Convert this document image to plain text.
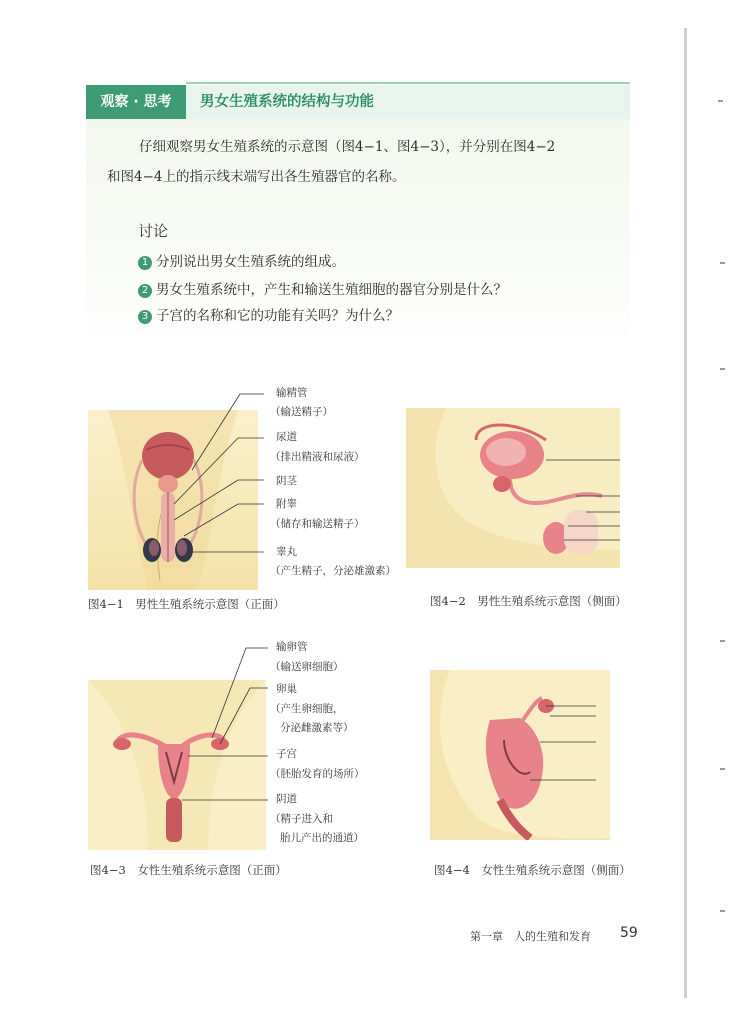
观察 · 思考	男女生殖系统的结构与功能
仔细观察男女生殖系统的示意图（图4−1、图4−3），并分别在图4−2
和图4−4上的指示线末端写出各生殖器官的名称。
讨论
1 分别说出男女生殖系统的组成。
2 男女生殖系统中，产生和输送生殖细胞的器官分别是什么？
3 子宫的名称和它的功能有关吗？为什么？
输精管
（输送精子）
尿道
（排出精液和尿液）
阴茎
附睾
（储存和输送精子）
睾丸
（产生精子，分泌雄激素）
图4−1　男性生殖系统示意图（正面）	图4−2　男性生殖系统示意图（侧面）
输卵管
（输送卵细胞）
卵巢
（产生卵细胞，
分泌雌激素等）
子宫
（胚胎发育的场所）
阴道
（精子进入和
胎儿产出的通道）
图4−3　女性生殖系统示意图（正面）	图4−4　女性生殖系统示意图（侧面）
第一章　人的生殖和发育 59
